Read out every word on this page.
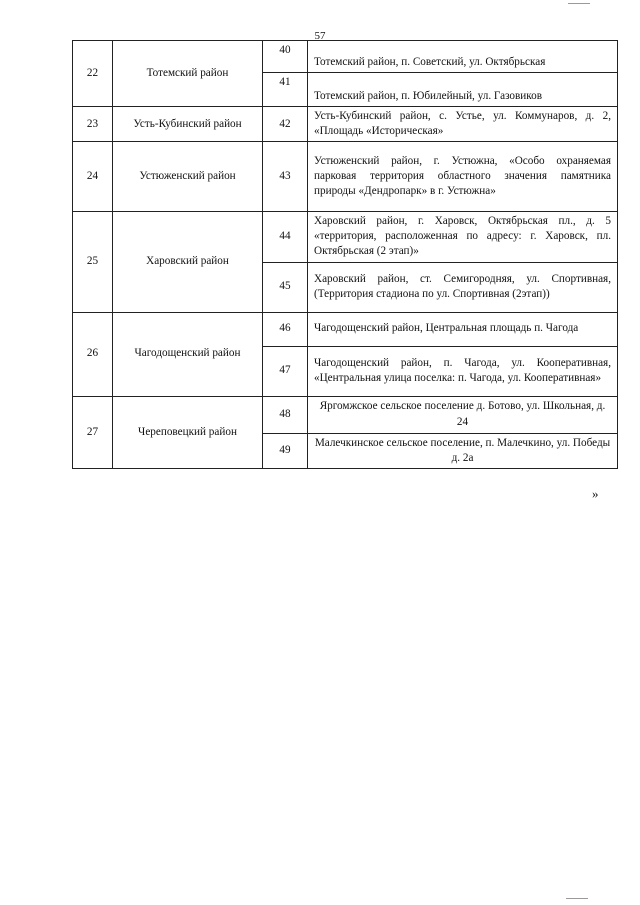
57
22	Тотемский район	40	Тотемский район, п. Советский, ул. Октябрьская
		41	Тотемский район, п. Юбилейный, ул. Газовиков
23	Усть-Кубинский район	42	Усть-Кубинский район, с. Устье, ул. Коммунаров, д. 2, «Площадь «Историческая»
24	Устюженский район	43	Устюженский район, г. Устюжна, «Особо охраняемая парковая территория областного значения памятника природы «Дендропарк» в г. Устюжна»
25	Харовский район	44	Харовский район, г. Харовск, Октябрьская пл., д. 5 «территория, расположенная по адресу: г. Харовск, пл. Октябрьская (2 этап)»
		45	Харовский район, ст. Семигородняя, ул. Спортивная, (Территория стадиона по ул. Спортивная (2этап))
26	Чагодощенский район	46	Чагодощенский район, Центральная площадь п. Чагода
		47	Чагодощенский район, п. Чагода, ул. Кооперативная, «Центральная улица поселка: п. Чагода, ул. Кооперативная»
27	Череповецкий район	48	Яргомжское сельское поселение д. Ботово, ул. Школьная, д. 24
		49	Малечкинское сельское поселение, п. Малечкино, ул. Победы д. 2а
»
